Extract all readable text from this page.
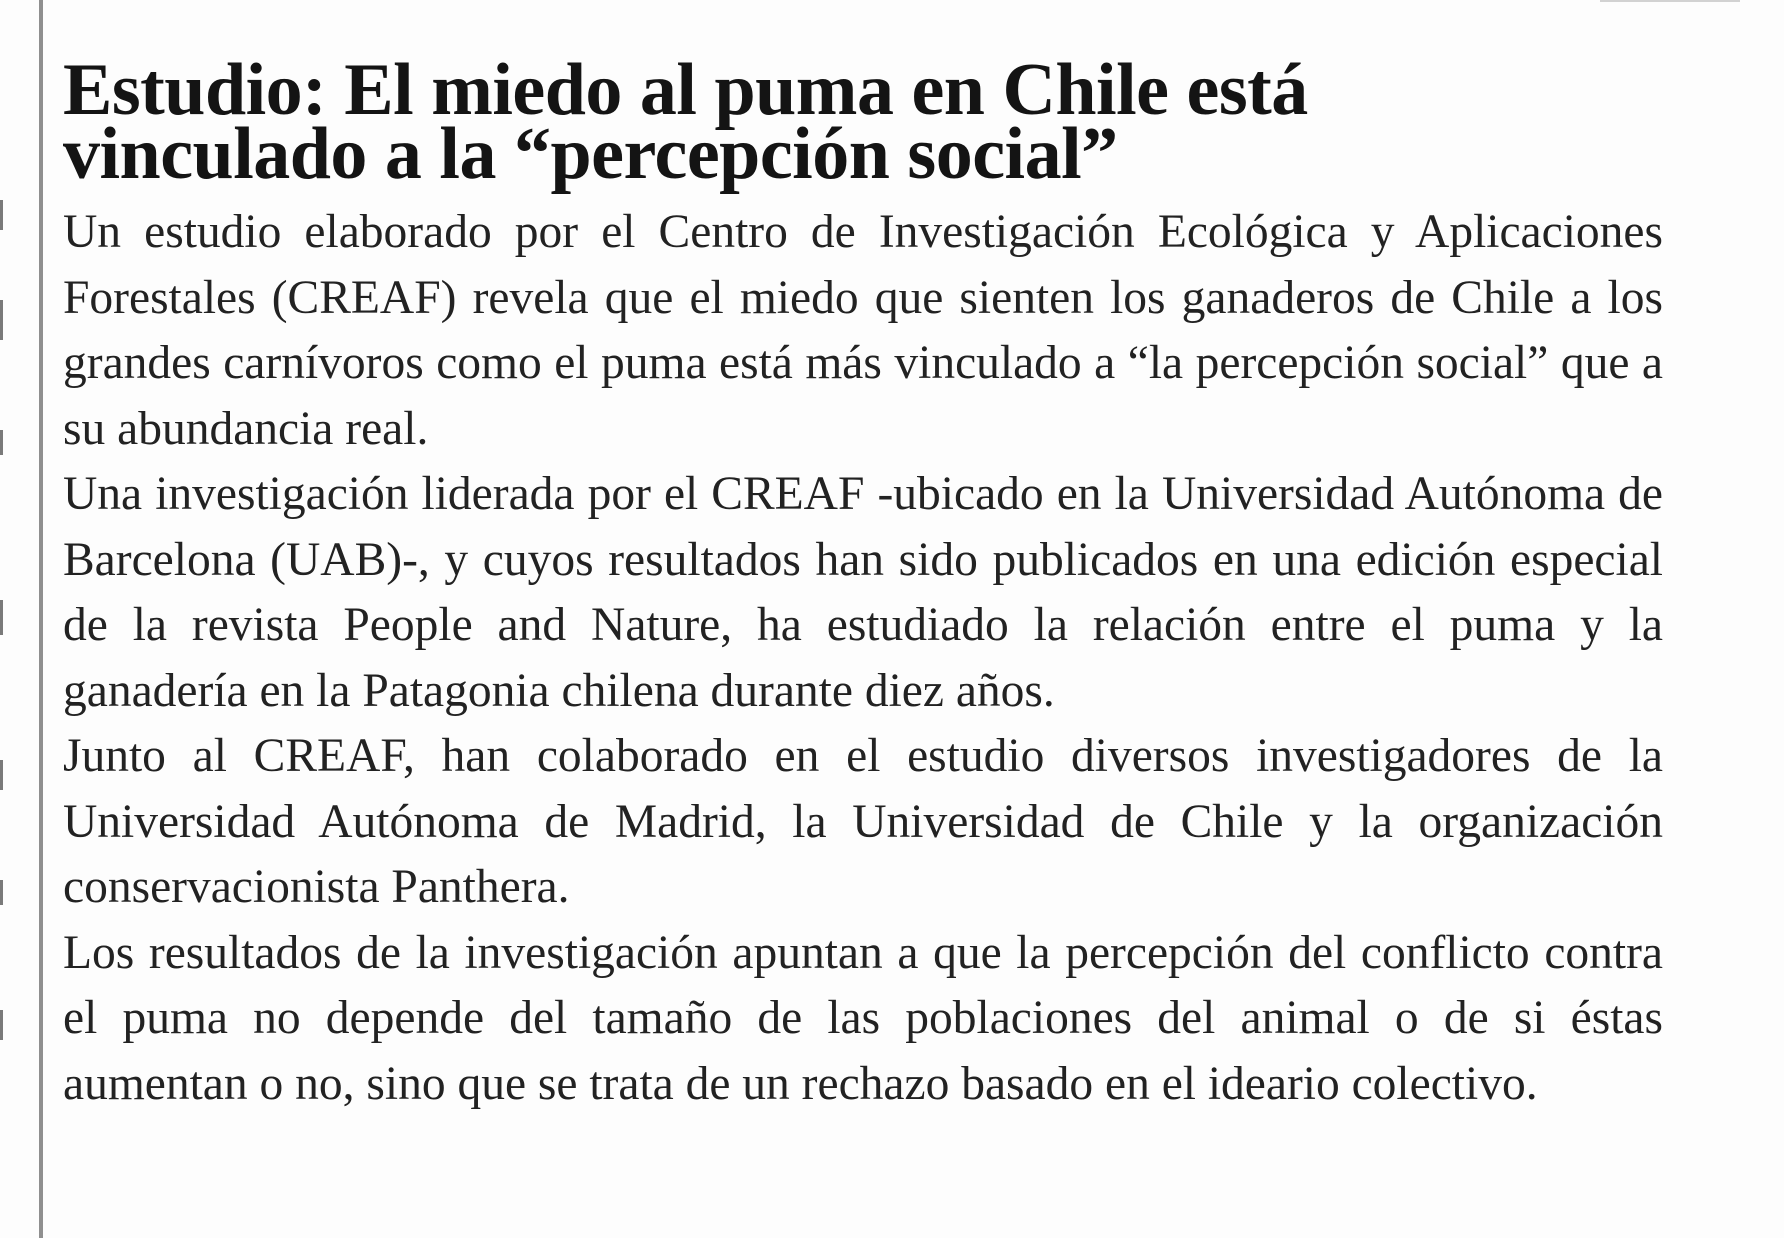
Estudio: El miedo al puma en Chile está
vinculado a la “percepción social”

Un estudio elaborado por el Centro de Investigación Ecológica y Aplicaciones Forestales (CREAF) revela que el miedo que sienten los ganaderos de Chile a los grandes carnívoros como el puma está más vinculado a “la percepción social” que a su abundancia real.

Una investigación liderada por el CREAF -ubicado en la Universidad Autónoma de Barcelona (UAB)-, y cuyos resultados han sido publicados en una edición especial de la revista People and Nature, ha estudiado la relación entre el puma y la ganadería en la Patagonia chilena durante diez años.

Junto al CREAF, han colaborado en el estudio diversos investigadores de la Universidad Autónoma de Madrid, la Universidad de Chile y la organización conservacionista Panthera.

Los resultados de la investigación apuntan a que la percepción del conflicto contra el puma no depende del tamaño de las poblaciones del animal o de si éstas aumentan o no, sino que se trata de un rechazo basado en el ideario colectivo.
